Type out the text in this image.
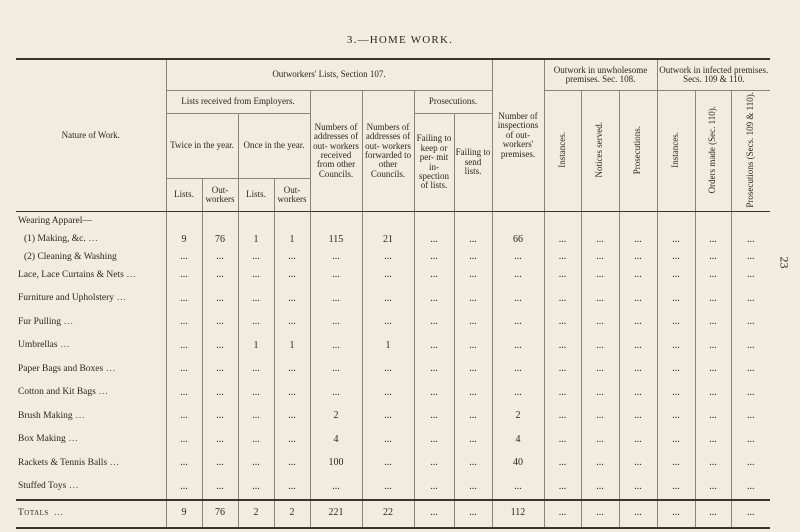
3.—HOME WORK.
23
Nature of Work.	Outworkers' Lists, Section 107.								Number of inspections of out- workers' premises.	Outwork in unwholesome premises. Sec. 108.			Outwork in infected premises. Secs. 109 & 110.		
	Lists received from Employers.				Numbers of addresses of out- workers received from other Councils.	Numbers of addresses of out- workers forwarded to other Councils.	Prosecutions.			Instances.	Notices served.	Prosecutions.	Instances.	Orders made (Sec. 110).	Prosecutions (Secs. 109 & 110).
	Twice in the year.		Once in the year.				Failing to keep or per- mit in- spection of lists.	Failing to send lists.							
	Lists.	Out- workers	Lists.	Out- workers											
Wearing Apparel—															
(1) Making, &c. ...	9	76	1	1	115	21	...	...	66	...	...	...	...	...	...
(2) Cleaning & Washing	...	...	...	...	...	...	...	...	...	...	...	...	...	...	...
Lace, Lace Curtains & Nets ...	...	...	...	...	...	...	...	...	...	...	...	...	...	...	...
Furniture and Upholstery ...	...	...	...	...	...	...	...	...	...	...	...	...	...	...	...
Fur Pulling ...	...	...	...	...	...	...	...	...	...	...	...	...	...	...	...
Umbrellas ...	...	...	1	1	...	1	...	...	...	...	...	...	...	...	...
Paper Bags and Boxes ...	...	...	...	...	...	...	...	...	...	...	...	...	...	...	...
Cotton and Kit Bags ...	...	...	...	...	...	...	...	...	...	...	...	...	...	...	...
Brush Making ...	...	...	...	...	2	...	...	...	2	...	...	...	...	...	...
Box Making ...	...	...	...	...	4	...	...	...	4	...	...	...	...	...	...
Rackets & Tennis Balls ...	...	...	...	...	100	...	...	...	40	...	...	...	...	...	...
Stuffed Toys ...	...	...	...	...	...	...	...	...	...	...	...	...	...	...	...
Totals ...	9	76	2	2	221	22	...	...	112	...	...	...	...	...	...
